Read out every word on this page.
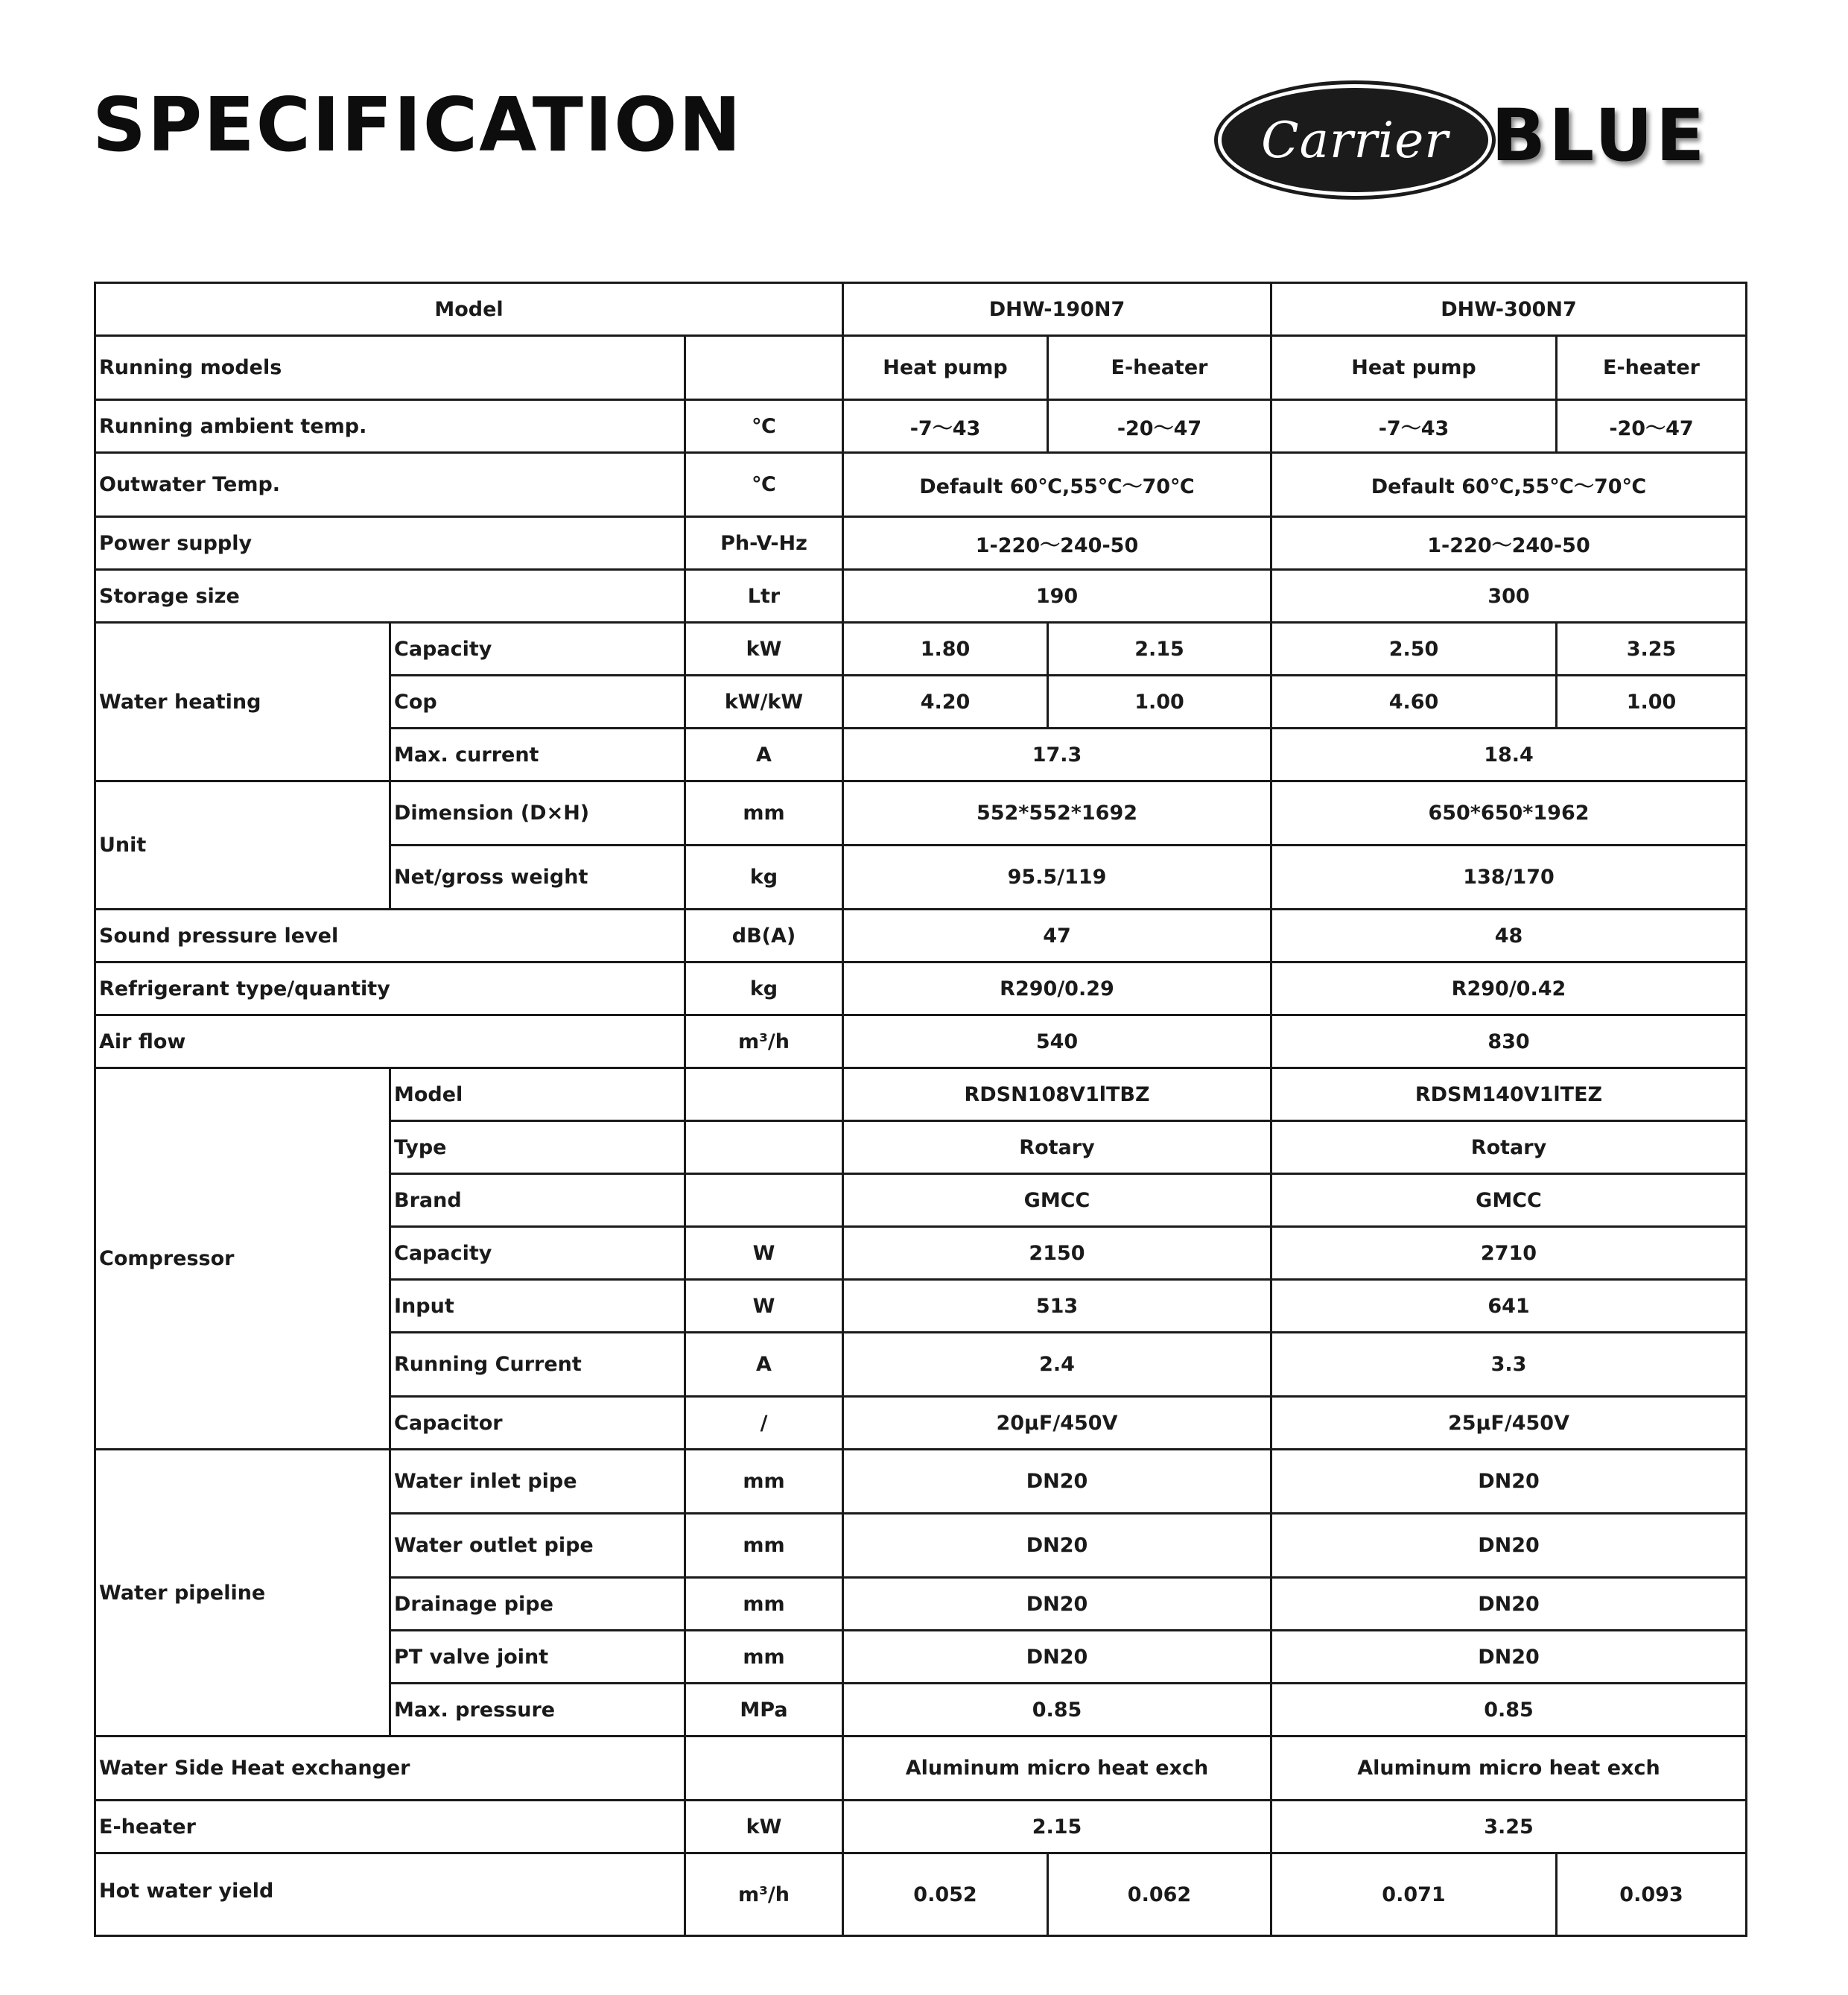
SPECIFICATION	Carrier BLUE
Model			DHW-190N7		DHW-300N7	
Running models			Heat pump	E-heater	Heat pump	E-heater
Running ambient temp.		℃	-7～43	-20～47	-7～43	-20～47
Outwater Temp.		℃	Default 60℃,55℃～70℃		Default 60℃,55℃～70℃	
Power supply		Ph-V-Hz	1-220～240-50		1-220～240-50	
Storage size		Ltr	190		300	
Water heating	Capacity	kW	1.80	2.15	2.50	3.25
	Cop	kW/kW	4.20	1.00	4.60	1.00
	Max. current	A	17.3		18.4	
Unit	Dimension (D×H)	mm	552*552*1692		650*650*1962	
	Net/gross weight	kg	95.5/119		138/170	
Sound pressure level		dB(A)	47		48	
Refrigerant type/quantity		kg	R290/0.29		R290/0.42	
Air flow		m³/h	540		830	
Compressor	Model		RDSN108V1lTBZ		RDSM140V1lTEZ	
	Type		Rotary		Rotary	
	Brand		GMCC		GMCC	
	Capacity	W	2150		2710	
	Input	W	513		641	
	Running Current	A	2.4		3.3	
	Capacitor	/	20μF/450V		25μF/450V	
Water pipeline	Water inlet pipe	mm	DN20		DN20	
	Water outlet pipe	mm	DN20		DN20	
	Drainage pipe	mm	DN20		DN20	
	PT valve joint	mm	DN20		DN20	
	Max. pressure	MPa	0.85		0.85	
Water Side Heat exchanger			Aluminum micro heat exch		Aluminum micro heat exch	
E-heater		kW	2.15		3.25	
Hot water yield		m³/h	0.052	0.062	0.071	0.093
